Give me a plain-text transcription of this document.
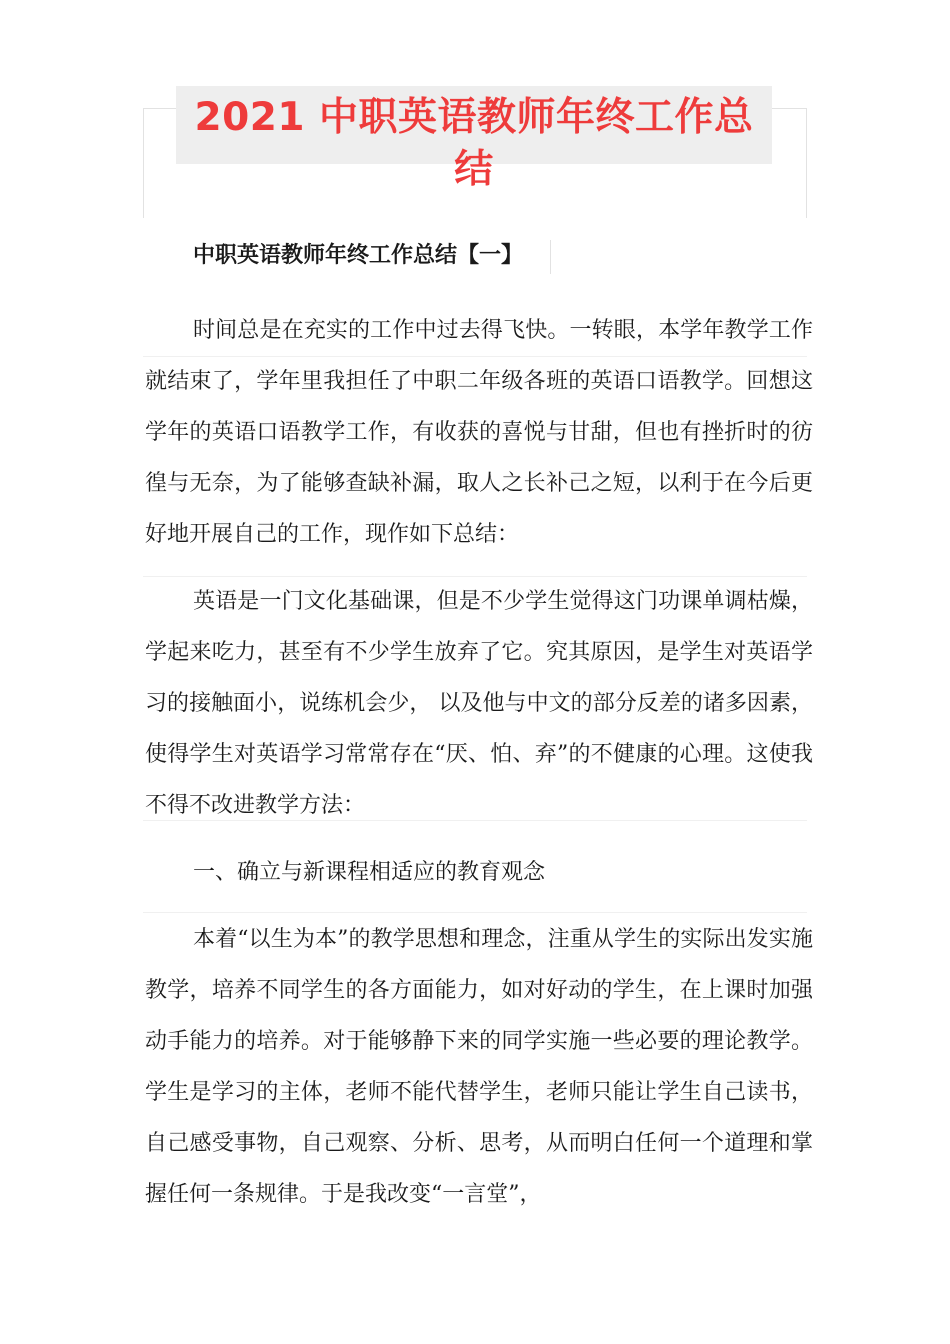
2021 中职英语教师年终工作总结
中职英语教师年终工作总结【一】

时间总是在充实的工作中过去得飞快。一转眼，本学年教学工作就结束了，学年里我担任了中职二年级各班的英语口语教学。回想这学年的英语口语教学工作，有收获的喜悦与甘甜，但也有挫折时的彷徨与无奈，为了能够查缺补漏，取人之长补己之短，以利于在今后更好地开展自己的工作，现作如下总结：

英语是一门文化基础课，但是不少学生觉得这门功课单调枯燥，学起来吃力，甚至有不少学生放弃了它。究其原因，是学生对英语学习的接触面小，说练机会少， 以及他与中文的部分反差的诸多因素，使得学生对英语学习常常存在“厌、怕、弃”的不健康的心理。这使我不得不改进教学方法：

一、确立与新课程相适应的教育观念

本着“以生为本”的教学思想和理念，注重从学生的实际出发实施教学，培养不同学生的各方面能力，如对好动的学生，在上课时加强动手能力的培养。对于能够静下来的同学实施一些必要的理论教学。学生是学习的主体，老师不能代替学生，老师只能让学生自己读书，自己感受事物，自己观察、分析、思考，从而明白任何一个道理和掌握任何一条规律。于是我改变“一言堂”，
